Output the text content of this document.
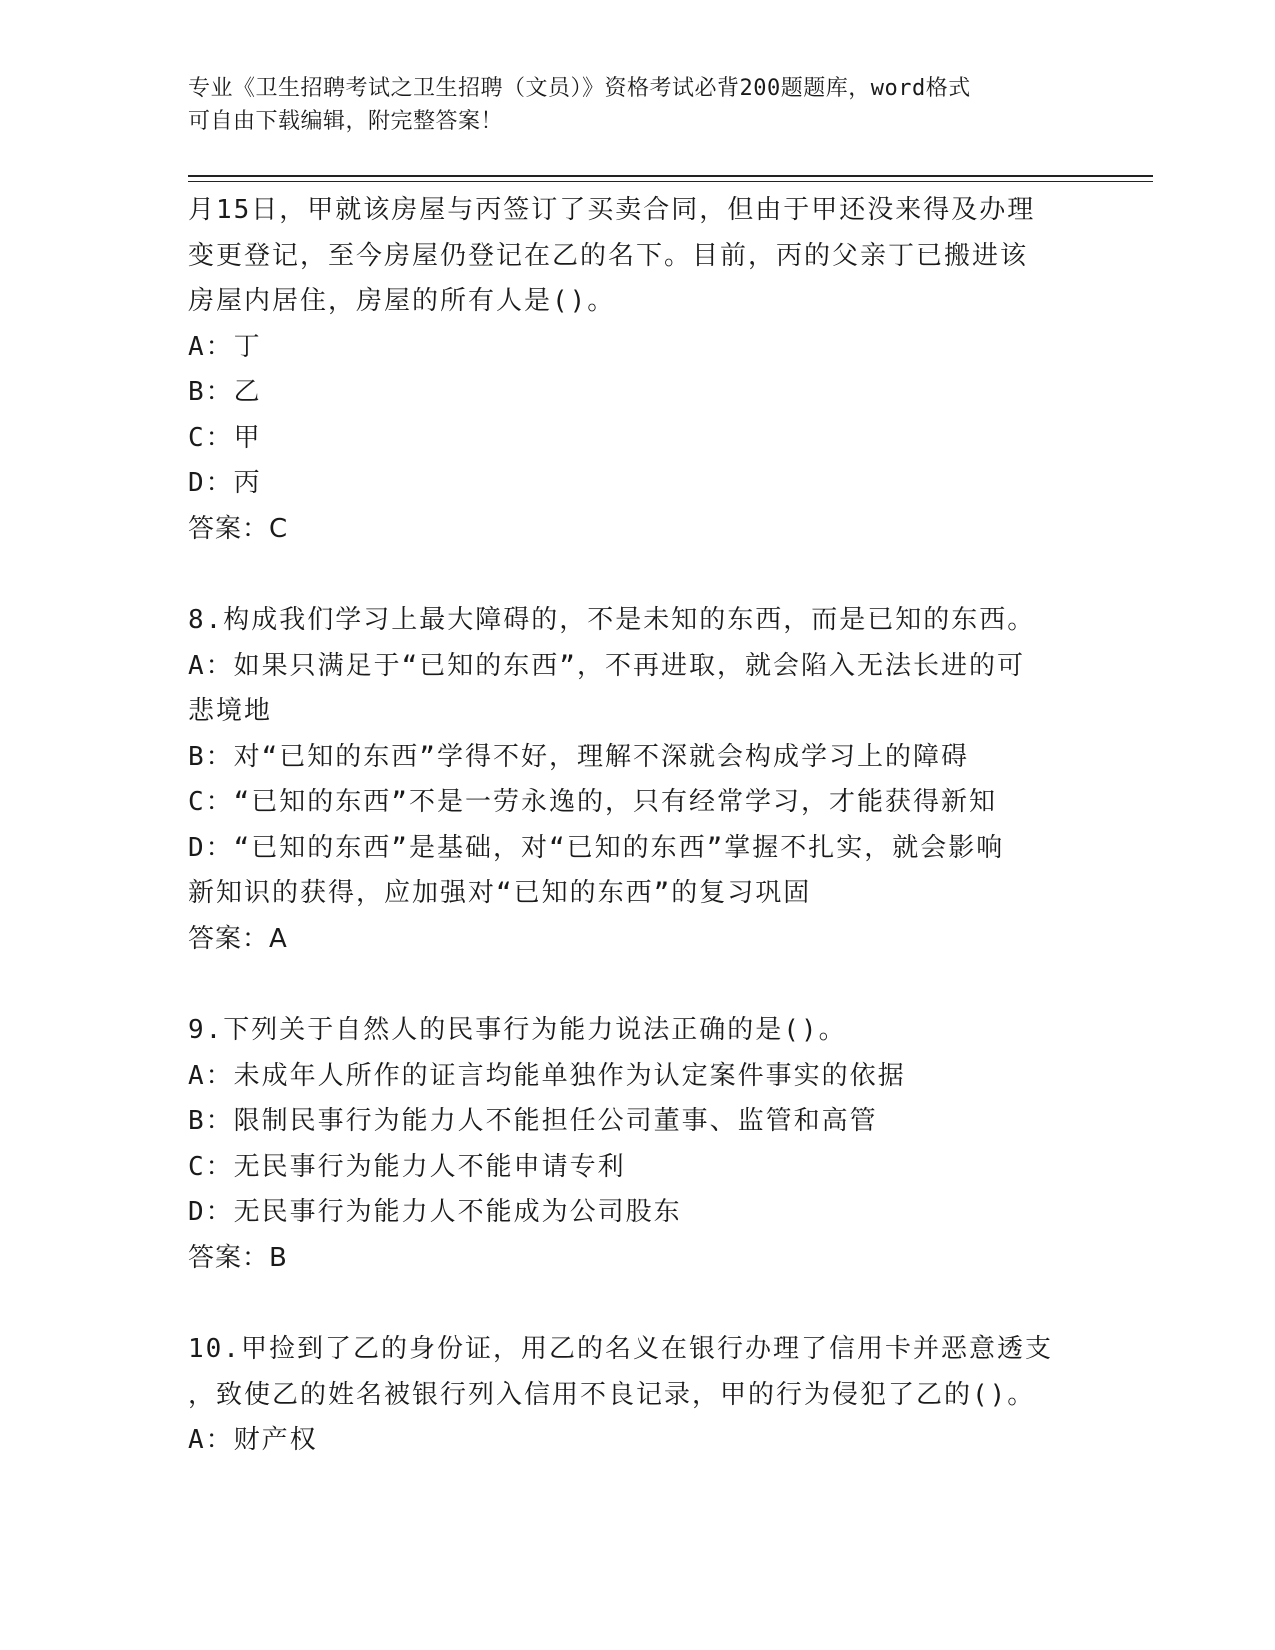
专业《卫生招聘考试之卫生招聘（文员）》资格考试必背200题题库，word格式
可自由下载编辑，附完整答案！
月15日，甲就该房屋与丙签订了买卖合同，但由于甲还没来得及办理
变更登记，至今房屋仍登记在乙的名下。目前，丙的父亲丁已搬进该
房屋内居住，房屋的所有人是()。
A：丁
B：乙
C：甲
D：丙
答案：C
8.构成我们学习上最大障碍的，不是未知的东西，而是已知的东西。
A：如果只满足于“已知的东西”，不再进取，就会陷入无法长进的可
悲境地
B：对“已知的东西”学得不好，理解不深就会构成学习上的障碍
C：“已知的东西”不是一劳永逸的，只有经常学习，才能获得新知
D：“已知的东西”是基础，对“已知的东西”掌握不扎实，就会影响
新知识的获得，应加强对“已知的东西”的复习巩固
答案：A
9.下列关于自然人的民事行为能力说法正确的是()。
A：未成年人所作的证言均能单独作为认定案件事实的依据
B：限制民事行为能力人不能担任公司董事、监管和高管
C：无民事行为能力人不能申请专利
D：无民事行为能力人不能成为公司股东
答案：B
10.甲捡到了乙的身份证，用乙的名义在银行办理了信用卡并恶意透支
，致使乙的姓名被银行列入信用不良记录，甲的行为侵犯了乙的()。
A：财产权
